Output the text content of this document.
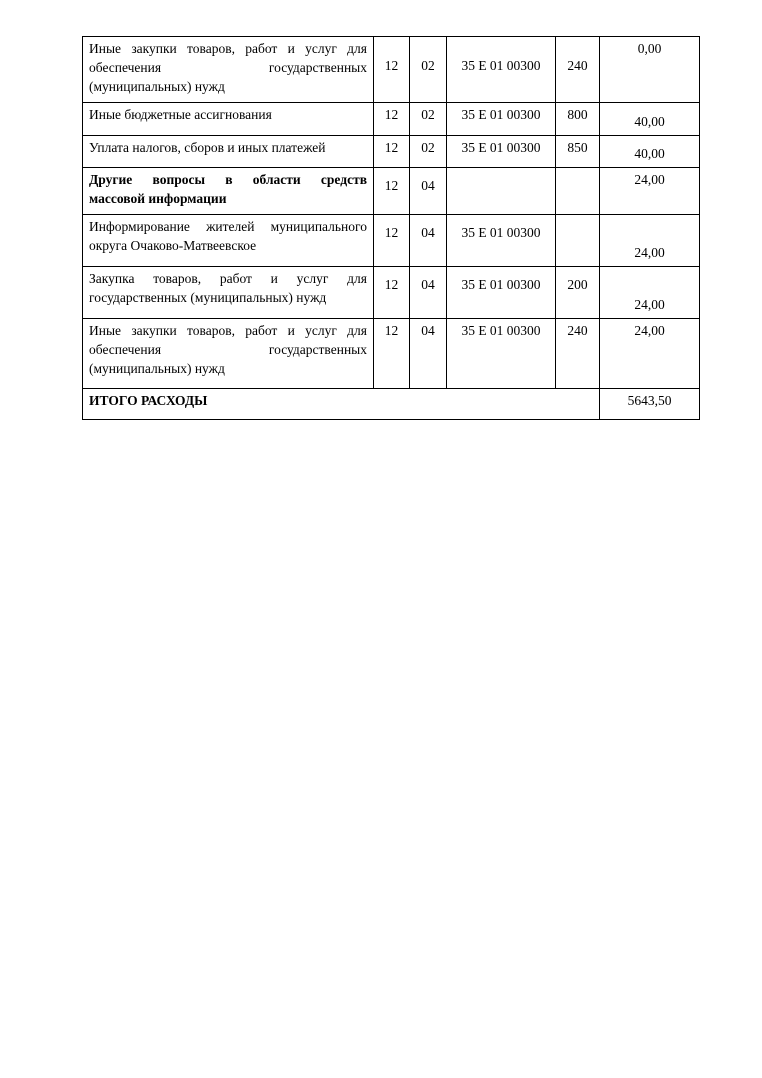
Иные закупки товаров, работ и услуг для
обеспечения государственных
(муниципальных) нужд	12	02	35 Е 01 00300	240	0,00

Иные бюджетные ассигнования	12	02	35 Е 01 00300	800	40,00

Уплата налогов, сборов и иных платежей	12	02	35 Е 01 00300	850	40,00

Другие вопросы в области средств
массовой информации	12	04			24,00

Информирование жителей муниципального
округа Очаково-Матвеевское	12	04	35 Е 01 00300		24,00

Закупка товаров, работ и услуг для
государственных (муниципальных) нужд	12	04	35 Е 01 00300	200	24,00

Иные закупки товаров, работ и услуг для
обеспечения государственных
(муниципальных) нужд	12	04	35 Е 01 00300	240	24,00
ИТОГО РАСХОДЫ					5643,50
